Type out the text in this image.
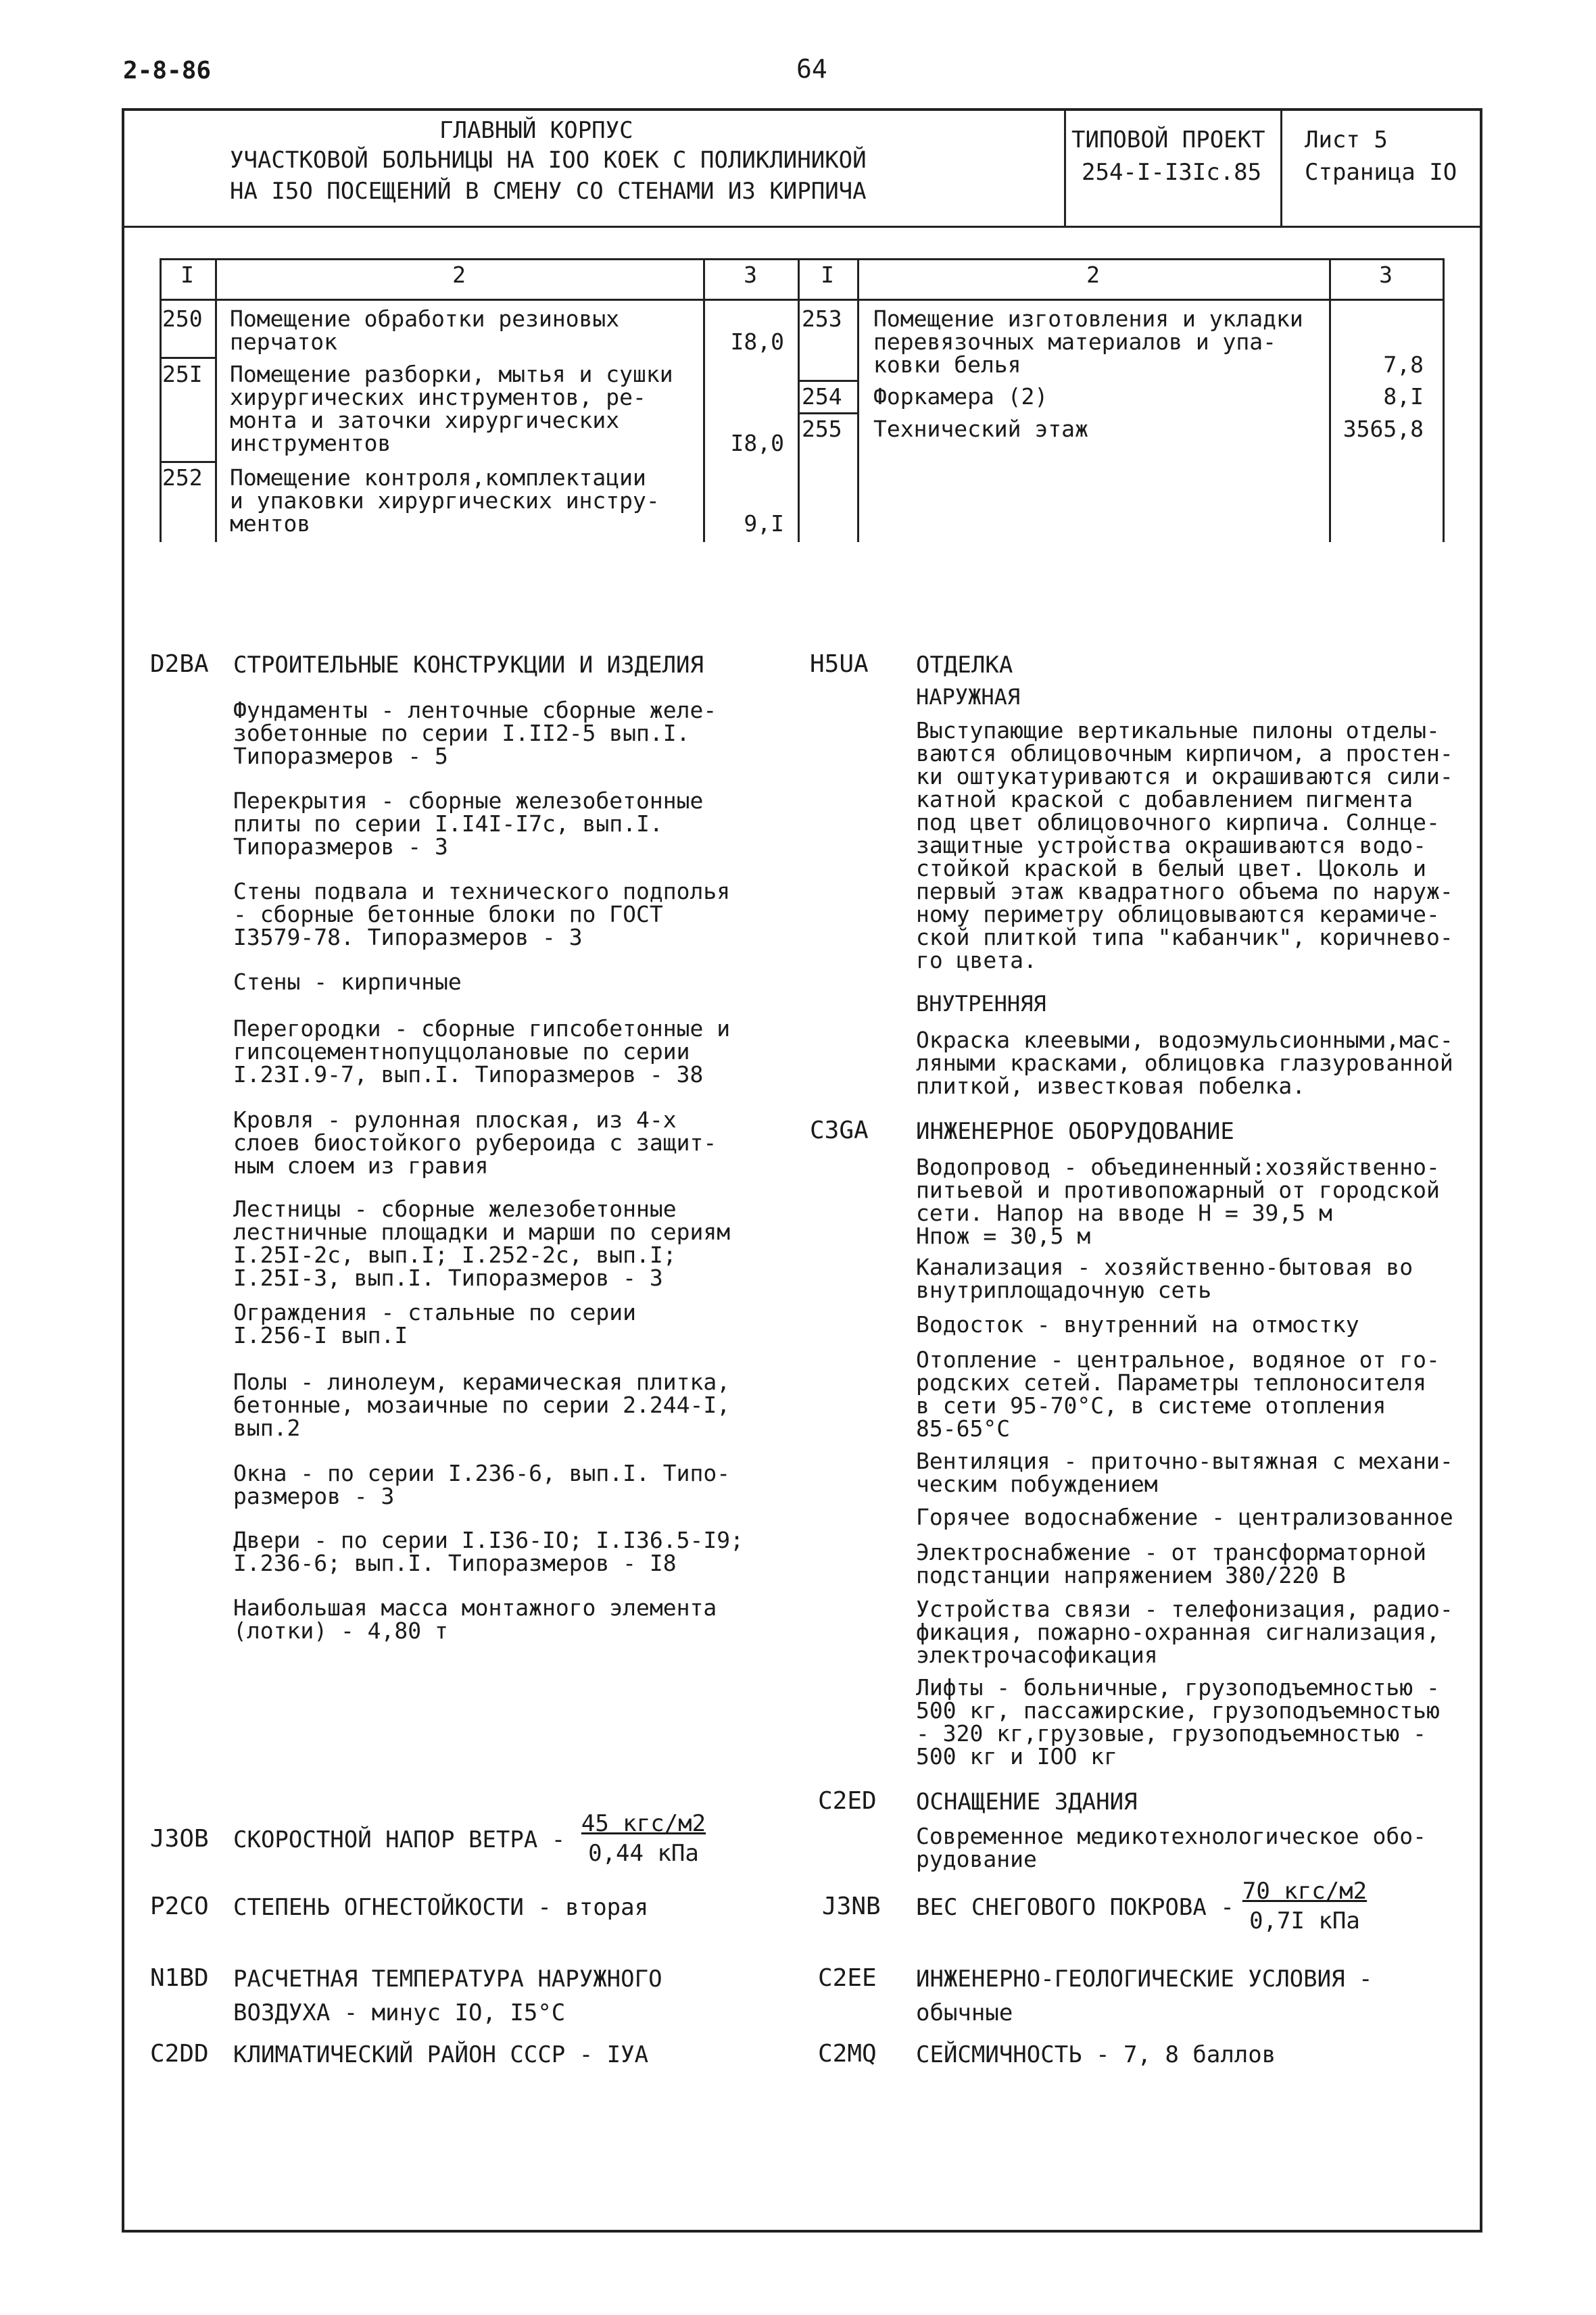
2-8-86	64
ГЛАВНЫЙ КОРПУС
УЧАСТКОВОЙ БОЛЬНИЦЫ НА IOO КОЕК С ПОЛИКЛИНИКОЙ
НА I5O ПОСЕЩЕНИЙ В СМЕНУ СО СТЕНАМИ ИЗ КИРПИЧА
ТИПОВОЙ ПРОЕКТ
254-I-I3Ic.85
Лист 5
Страница IO
I	2	3	I	2	3
250 Помещение обработки резиновых
перчаток	I8,0
25I Помещение разборки, мытья и сушки
хирургических инструментов, ре-
монта и заточки хирургических
инструментов	I8,0
252 Помещение контроля,комплектации
и упаковки хирургических инстру-
ментов	9,I
253 Помещение изготовления и укладки
перевязочных материалов и упа-
ковки белья	7,8
254 Форкамера (2)	8,I
255 Технический этаж	3565,8
D2BA СТРОИТЕЛЬНЫЕ КОНСТРУКЦИИ И ИЗДЕЛИЯ
Фундаменты - ленточные сборные желе-
зобетонные по серии I.II2-5 вып.I.
Типоразмеров - 5
Перекрытия - сборные железобетонные
плиты по серии I.I4I-I7c, вып.I.
Типоразмеров - 3
Стены подвала и технического подполья
- сборные бетонные блоки по ГОСТ
I3579-78. Типоразмеров - 3
Стены - кирпичные
Перегородки - сборные гипсобетонные и
гипсоцементнопуццолановые по серии
I.23I.9-7, вып.I. Типоразмеров - 38
Кровля - рулонная плоская, из 4-х
слоев биостойкого рубероида с защит-
ным слоем из гравия
Лестницы - сборные железобетонные
лестничные площадки и марши по сериям
I.25I-2c, вып.I; I.252-2c, вып.I;
I.25I-3, вып.I. Типоразмеров - 3
Ограждения - стальные по серии
I.256-I вып.I
Полы - линолеум, керамическая плитка,
бетонные, мозаичные по серии 2.244-I,
вып.2
Окна - по серии I.236-6, вып.I. Типо-
размеров - 3
Двери - по серии I.I36-IO; I.I36.5-I9;
I.236-6; вып.I. Типоразмеров - I8
Наибольшая масса монтажного элемента
(лотки) - 4,80 т
H5UA ОТДЕЛКА
НАРУЖНАЯ
Выступающие вертикальные пилоны отделы-
ваются облицовочным кирпичом, а простен-
ки оштукатуриваются и окрашиваются сили-
катной краской с добавлением пигмента
под цвет облицовочного кирпича. Солнце-
защитные устройства окрашиваются водо-
стойкой краской в белый цвет. Цоколь и
первый этаж квадратного объема по наруж-
ному периметру облицовываются керамиче-
ской плиткой типа "кабанчик", коричнево-
го цвета.
ВНУТРЕННЯЯ
Окраска клеевыми, водоэмульсионными,мас-
ляными красками, облицовка глазурованной
плиткой, известковая побелка.
C3GA ИНЖЕНЕРНОЕ ОБОРУДОВАНИЕ
Водопровод - объединенный:хозяйственно-
питьевой и противопожарный от городской
сети. Напор на вводе H = 39,5 м
Hпож = 30,5 м
Канализация - хозяйственно-бытовая во
внутриплощадочную сеть
Водосток - внутренний на отмостку
Отопление - центральное, водяное от го-
родских сетей. Параметры теплоносителя
в сети 95-70°C, в системе отопления
85-65°C
Вентиляция - приточно-вытяжная с механи-
ческим побуждением
Горячее водоснабжение - централизованное
Электроснабжение - от трансформаторной
подстанции напряжением 380/220 В
Устройства связи - телефонизация, радио-
фикация, пожарно-охранная сигнализация,
электрочасофикация
Лифты - больничные, грузоподъемностью -
500 кг, пассажирские, грузоподъемностью
- 320 кг,грузовые, грузоподъемностью -
500 кг и IOO кг
C2ED ОСНАЩЕНИЕ ЗДАНИЯ
Современное медикотехнологическое обо-
рудование
J3OB СКОРОСТНОЙ НАПОР ВЕТРА -
45 кгс/м2
0,44 кПа
P2CO СТЕПЕНЬ ОГНЕСТОЙКОСТИ - вторая	J3NB ВЕС СНЕГОВОГО ПОКРОВА -
70 кгс/м2
0,7I кПа
N1BD РАСЧЕТНАЯ ТЕМПЕРАТУРА НАРУЖНОГО
ВОЗДУХА - минус IO, I5°C
C2EE ИНЖЕНЕРНО-ГЕОЛОГИЧЕСКИЕ УСЛОВИЯ -
обычные
C2DD КЛИМАТИЧЕСКИЙ РАЙОН СССР - IУA	C2MQ СЕЙСМИЧНОСТЬ - 7, 8 баллов
